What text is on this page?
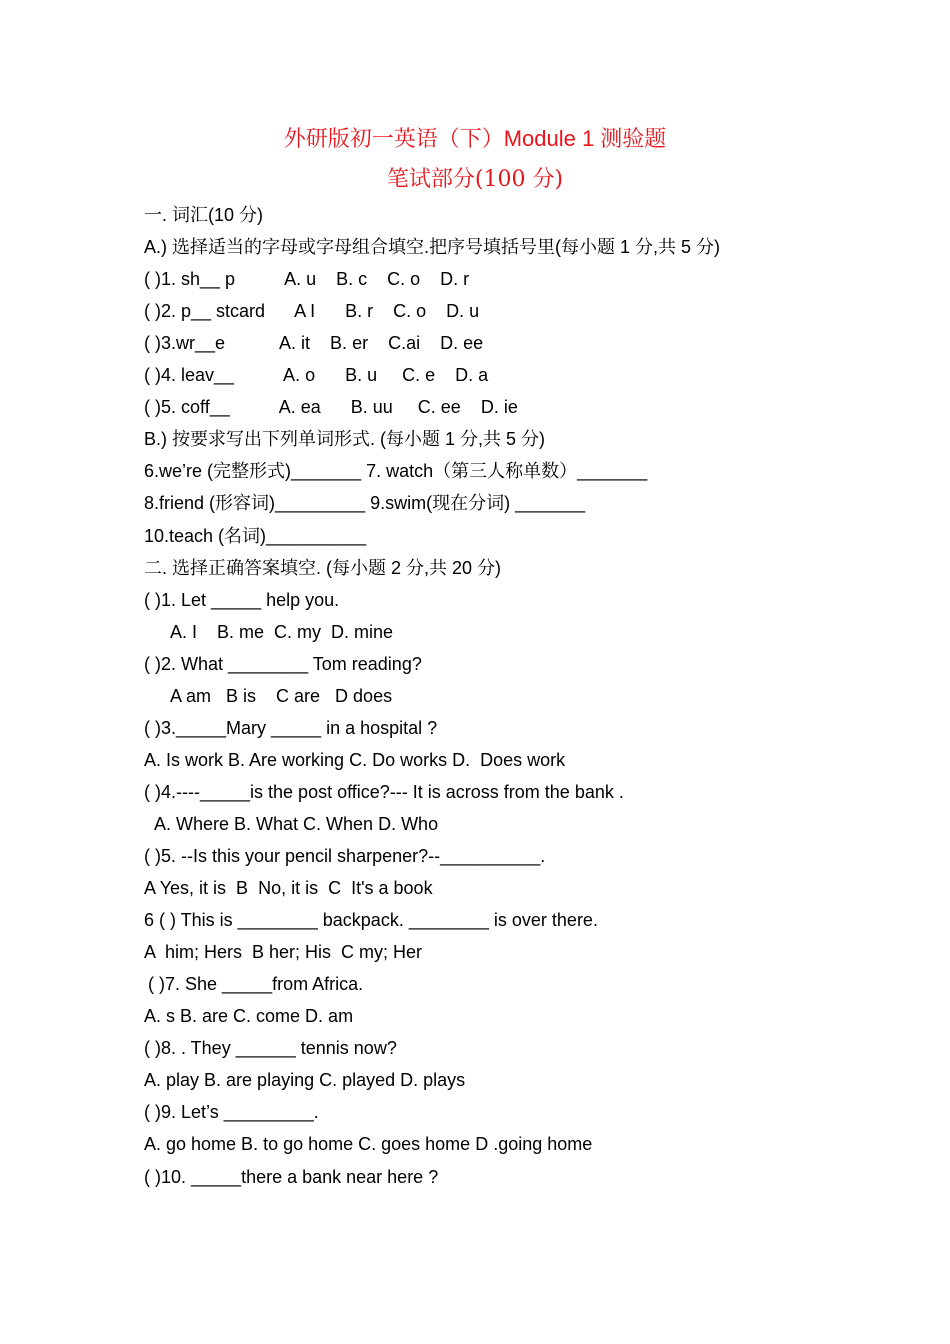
外研版初一英语（下）Module 1 测验题
笔试部分(100 分)
一. 词汇(10 分)
A.) 选择适当的字母或字母组合填空.把序号填括号里(每小题 1 分,共 5 分)
( )1. sh__ p          A. u    B. c    C. o    D. r
( )2. p__ stcard      A I      B. r    C. o    D. u
( )3.wr__e           A. it    B. er    C.ai    D. ee
( )4. leav__          A. o      B. u     C. e    D. a
( )5. coff__          A. ea      B. uu     C. ee    D. ie
B.) 按要求写出下列单词形式. (每小题 1 分,共 5 分)
6.we’re (完整形式)_______ 7. watch（第三人称单数）_______
8.friend (形容词)_________ 9.swim(现在分词) _______
10.teach (名词)__________
二. 选择正确答案填空. (每小题 2 分,共 20 分)
( )1. Let _____ help you.
A. I    B. me  C. my  D. mine
( )2. What ________ Tom reading?
A am   B is    C are   D does
( )3._____Mary _____ in a hospital ?
A. Is work B. Are working C. Do works D.  Does work
( )4.----_____is the post office?--- It is across from the bank .
A. Where B. What C. When D. Who
( )5. --Is this your pencil sharpener?--__________.
A Yes, it is  B  No, it is  C  It's a book
6 ( ) This is ________ backpack. ________ is over there.
A  him; Hers  B her; His  C my; Her
( )7. She _____from Africa.
A. s B. are C. come D. am
( )8. . They ______ tennis now?
A. play B. are playing C. played D. plays
( )9. Let’s _________.
A. go home B. to go home C. goes home D .going home
( )10. _____there a bank near here ?
